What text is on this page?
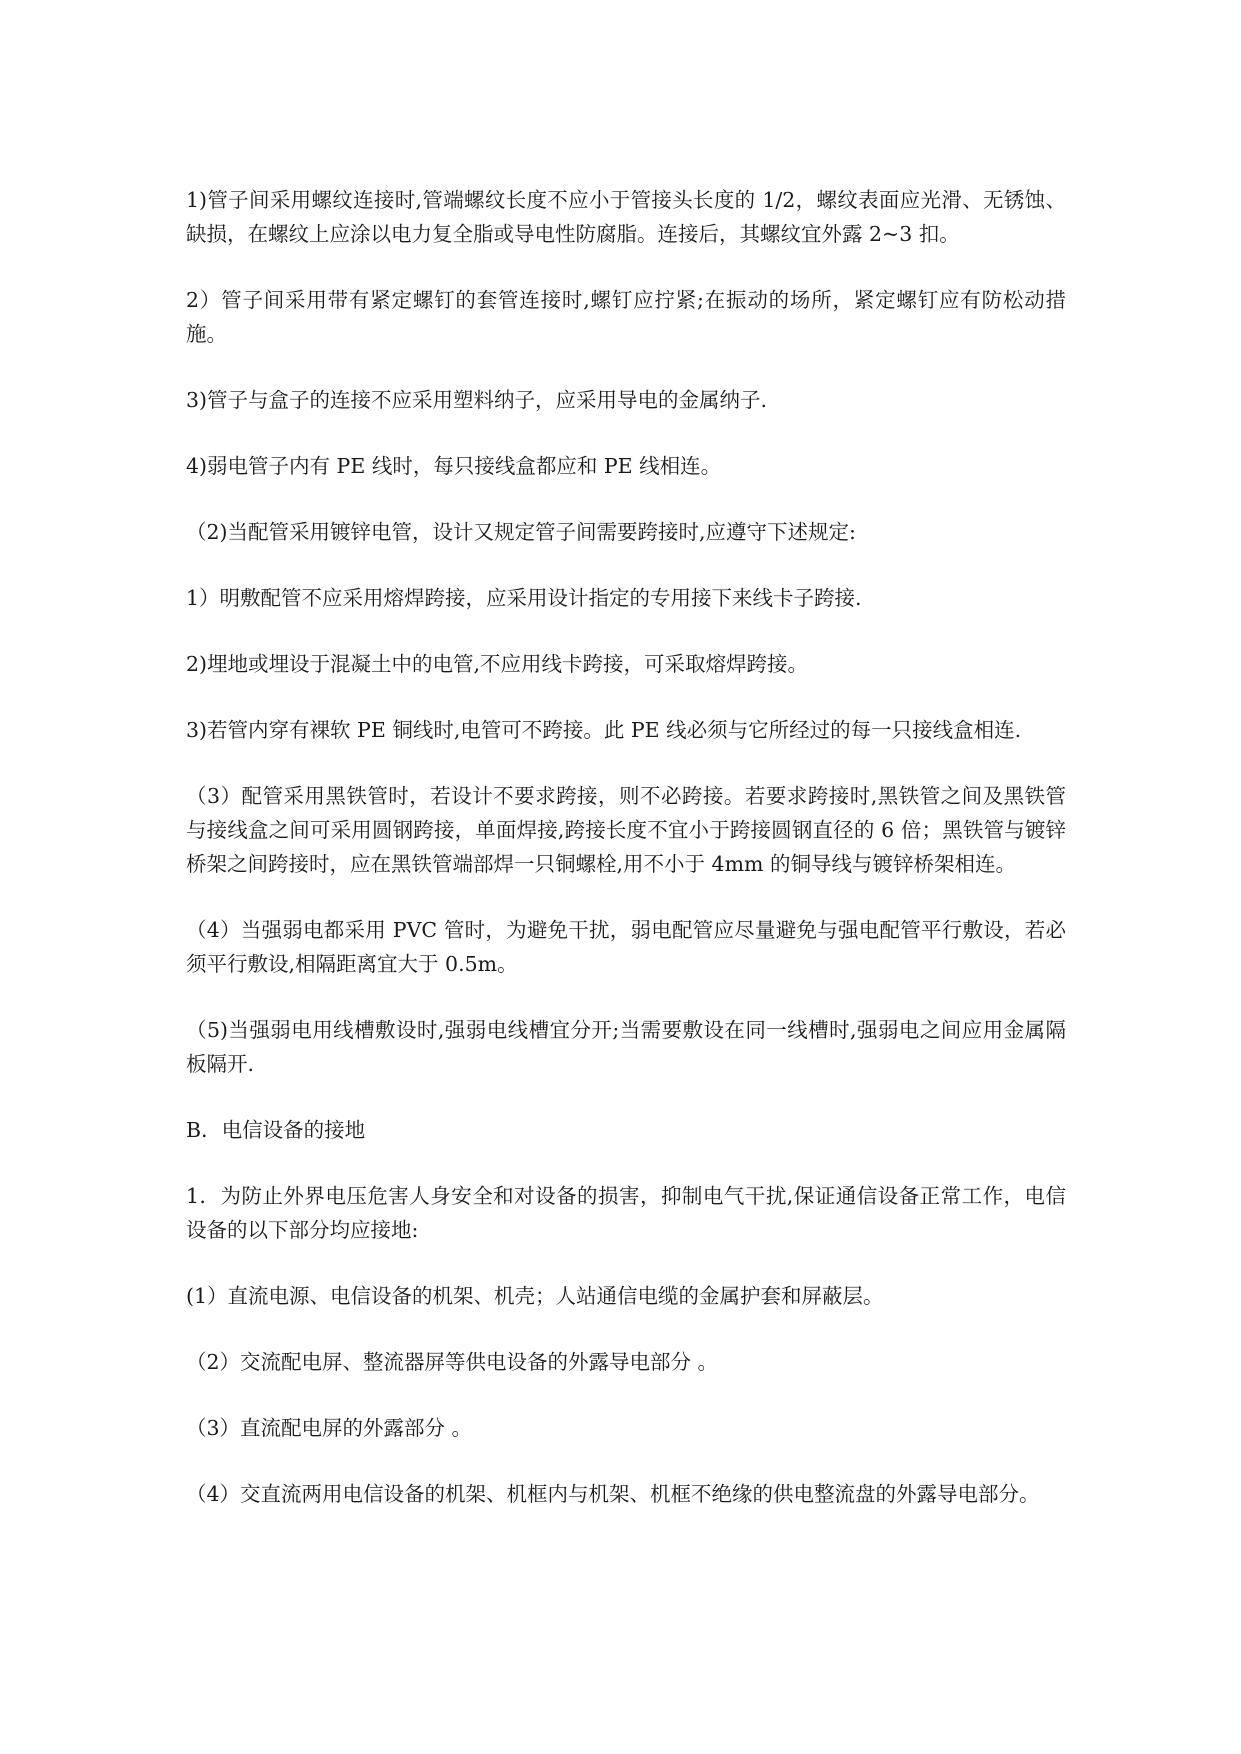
1)管子间采用螺纹连接时,管端螺纹长度不应小于管接头长度的 1/2，螺纹表面应光滑、无锈蚀、缺损，在螺纹上应涂以电力复全脂或导电性防腐脂。连接后，其螺纹宜外露 2~3 扣。

2）管子间采用带有紧定螺钉的套管连接时,螺钉应拧紧;在振动的场所，紧定螺钉应有防松动措施。

3)管子与盒子的连接不应采用塑料纳子，应采用导电的金属纳子.

4)弱电管子内有 PE 线时，每只接线盒都应和 PE 线相连。

（2)当配管采用镀锌电管，设计又规定管子间需要跨接时,应遵守下述规定:

1）明敷配管不应采用熔焊跨接，应采用设计指定的专用接下来线卡子跨接.

2)埋地或埋设于混凝土中的电管,不应用线卡跨接，可采取熔焊跨接。

3)若管内穿有裸软 PE 铜线时,电管可不跨接。此 PE 线必须与它所经过的每一只接线盒相连.

（3）配管采用黑铁管时，若设计不要求跨接，则不必跨接。若要求跨接时,黑铁管之间及黑铁管与接线盒之间可采用圆钢跨接，单面焊接,跨接长度不宜小于跨接圆钢直径的 6 倍；黑铁管与镀锌桥架之间跨接时，应在黑铁管端部焊一只铜螺栓,用不小于 4mm 的铜导线与镀锌桥架相连。

（4）当强弱电都采用 PVC 管时，为避免干扰，弱电配管应尽量避免与强电配管平行敷设，若必须平行敷设,相隔距离宜大于 0.5m。

（5)当强弱电用线槽敷设时,强弱电线槽宜分开;当需要敷设在同一线槽时,强弱电之间应用金属隔板隔开.

B．电信设备的接地

1．为防止外界电压危害人身安全和对设备的损害，抑制电气干扰,保证通信设备正常工作，电信设备的以下部分均应接地:

(1）直流电源、电信设备的机架、机壳；人站通信电缆的金属护套和屏蔽层。

（2）交流配电屏、整流器屏等供电设备的外露导电部分 。

（3）直流配电屏的外露部分 。

（4）交直流两用电信设备的机架、机框内与机架、机框不绝缘的供电整流盘的外露导电部分。
